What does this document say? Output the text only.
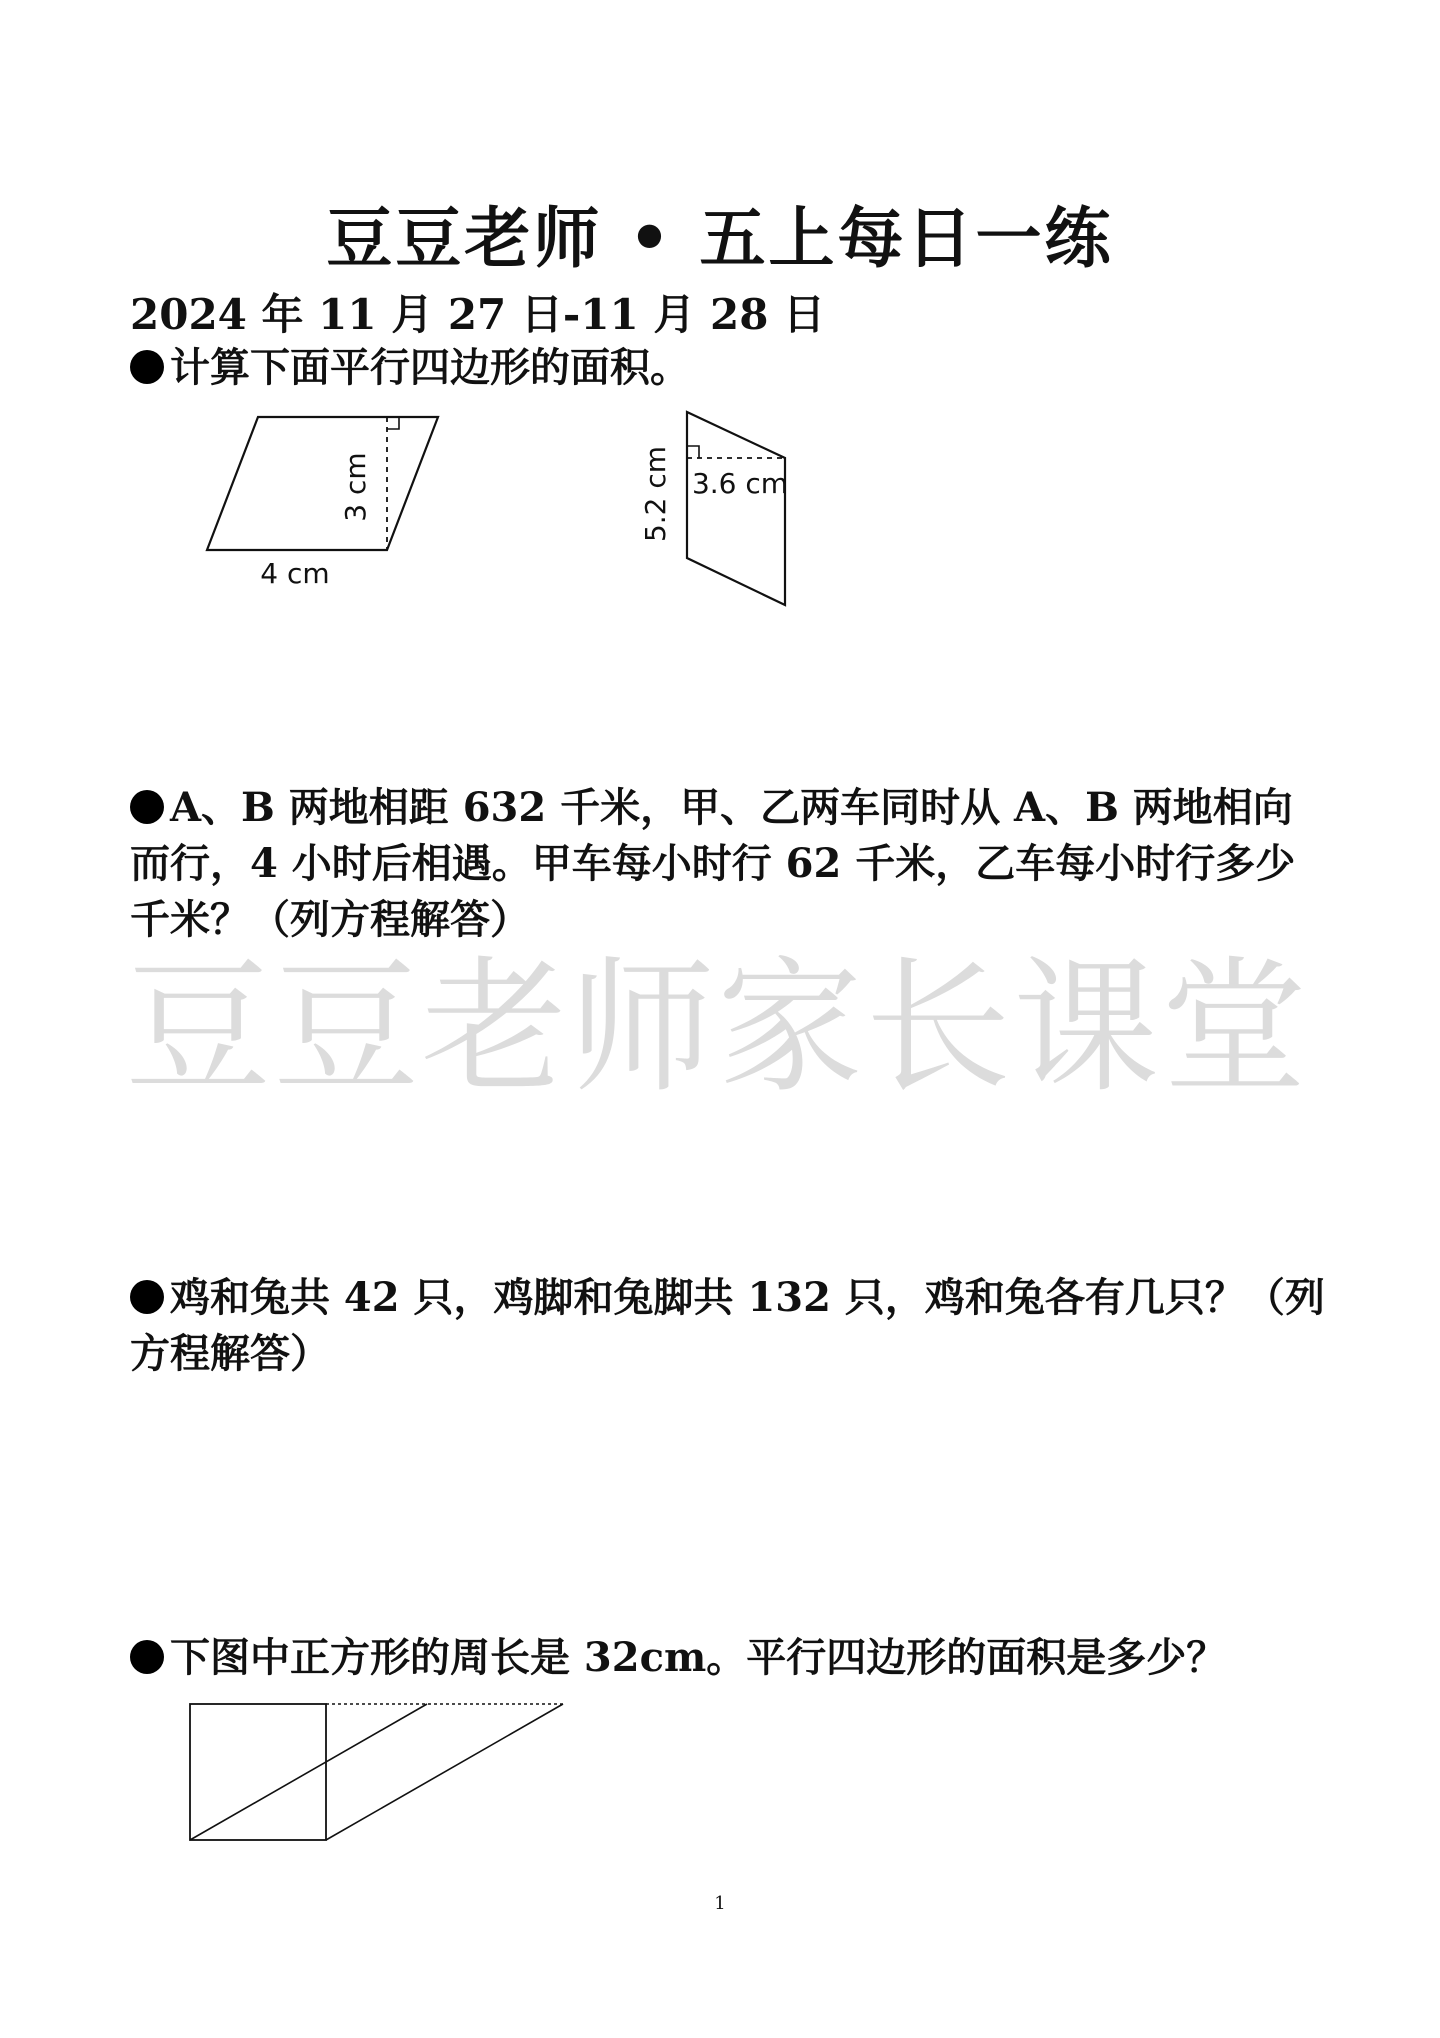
豆豆老师 • 五上每日一练
2024 年 11 月 27 日-11 月 28 日
计算下面平行四边形的面积。
3 cm
4 cm
3.6 cm
5.2 cm
A、B 两地相距 632 千米，甲、乙两车同时从 A、B 两地相向而行，4 小时后相遇。甲车每小时行 62 千米，乙车每小时行多少千米？（列方程解答）
豆豆老师家长课堂
鸡和兔共 42 只，鸡脚和兔脚共 132 只，鸡和兔各有几只？（列方程解答）
下图中正方形的周长是 32cm。平行四边形的面积是多少？
1
